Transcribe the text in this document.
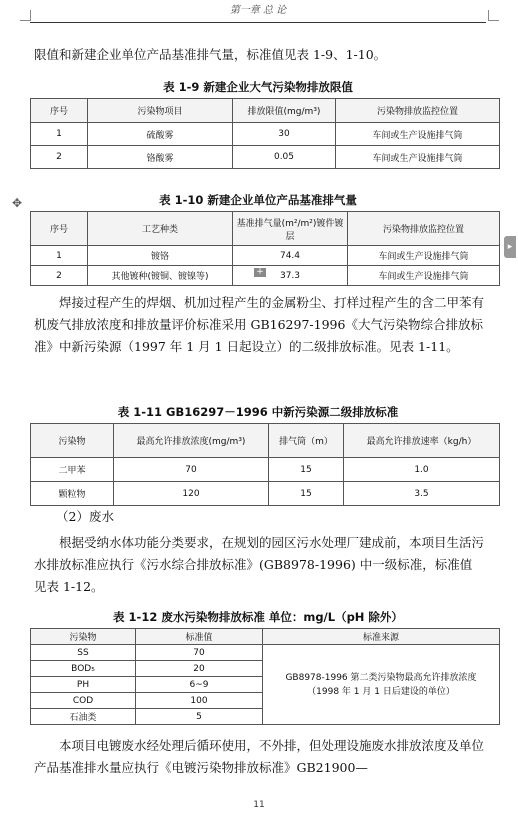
第一章 总 论
限值和新建企业单位产品基准排气量，标准值见表 1-9、1-10。
表 1-9 新建企业大气污染物排放限值
序号	污染物项目	排放限值(mg/m³)	污染物排放监控位置
1	硫酸雾	30	车间或生产设施排气筒
2	铬酸雾	0.05	车间或生产设施排气筒
✥	表 1-10 新建企业单位产品基准排气量
序号	工艺种类	基准排气量(m²/m²)镀件镀层	污染物排放监控位置
1	镀铬	74.4	车间或生产设施排气筒
2	其他镀种(镀铜、镀镍等)	37.3	车间或生产设施排气筒
+
▸
焊接过程产生的焊烟、机加过程产生的金属粉尘、打样过程产生的含二甲苯有机废气排放浓度和排放量评价标准采用 GB16297-1996《大气污染物综合排放标准》中新污染源（1997 年 1 月 1 日起设立）的二级排放标准。见表 1-11。
表 1-11 GB16297－1996 中新污染源二级排放标准
污染物	最高允许排放浓度(mg/m³)	排气筒（m）	最高允许排放速率（kg/h）
二甲苯	70	15	1.0
颗粒物	120	15	3.5
（2）废水
根据受纳水体功能分类要求，在规划的园区污水处理厂建成前，本项目生活污水排放标准应执行《污水综合排放标准》(GB8978-1996) 中一级标准，标准值见表 1-12。
表 1-12 废水污染物排放标准 单位：mg/L（pH 除外）
污染物	标准值	标准来源
SS	70	GB8978-1996 第二类污染物最高允许排放浓度（1998 年 1 月 1 日后建设的单位）
BOD₅	20	
PH	6~9	
COD	100	
石油类	5	
本项目电镀废水经处理后循环使用，不外排，但处理设施废水排放浓度及单位产品基准排水量应执行《电镀污染物排放标准》GB21900—
11
